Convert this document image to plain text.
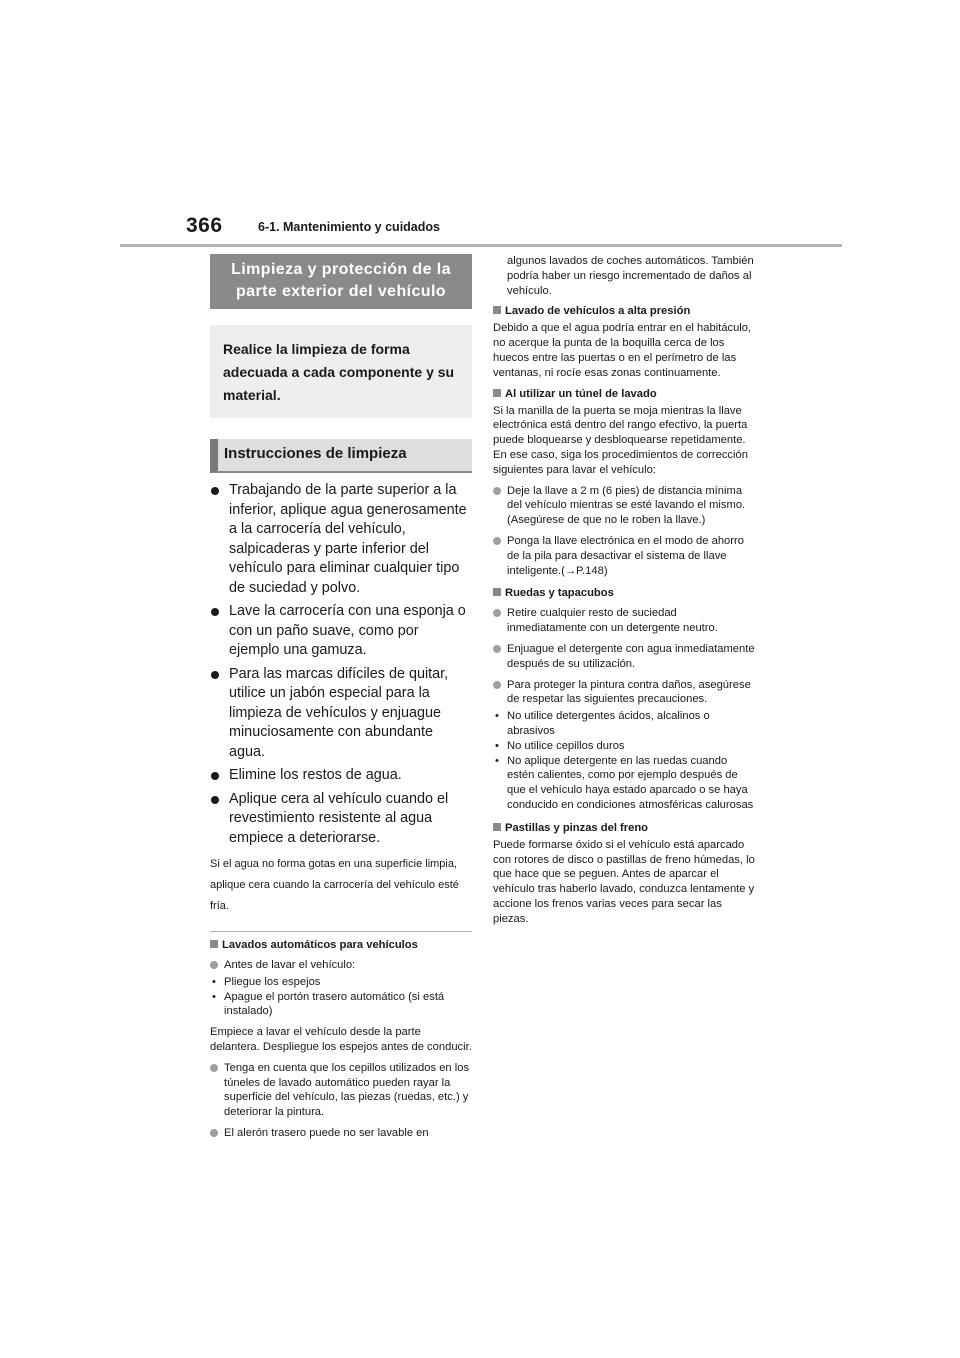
366	6-1. Mantenimiento y cuidados
Limpieza y protección de la parte exterior del vehículo
Realice la limpieza de forma adecuada a cada componente y su material.
Instrucciones de limpieza
Trabajando de la parte superior a la inferior, aplique agua generosamente a la carrocería del vehículo, salpicaderas y parte inferior del vehículo para eliminar cualquier tipo de suciedad y polvo.
Lave la carrocería con una esponja o con un paño suave, como por ejemplo una gamuza.
Para las marcas difíciles de quitar, utilice un jabón especial para la limpieza de vehículos y enjuague minuciosamente con abundante agua.
Elimine los restos de agua.
Aplique cera al vehículo cuando el revestimiento resistente al agua empiece a deteriorarse.
Si el agua no forma gotas en una superficie limpia, aplique cera cuando la carrocería del vehículo esté fría.
Lavados automáticos para vehículos
Antes de lavar el vehículo:
• Pliegue los espejos
• Apague el portón trasero automático (si está instalado)
Empiece a lavar el vehículo desde la parte delantera. Despliegue los espejos antes de conducir.
Tenga en cuenta que los cepillos utilizados en los túneles de lavado automático pueden rayar la superficie del vehículo, las piezas (ruedas, etc.) y deteriorar la pintura.
El alerón trasero puede no ser lavable en
algunos lavados de coches automáticos. También podría haber un riesgo incrementado de daños al vehículo.
Lavado de vehículos a alta presión
Debido a que el agua podría entrar en el habitáculo, no acerque la punta de la boquilla cerca de los huecos entre las puertas o en el perímetro de las ventanas, ni rocíe esas zonas continuamente.
Al utilizar un túnel de lavado
Si la manilla de la puerta se moja mientras la llave electrónica está dentro del rango efectivo, la puerta puede bloquearse y desbloquearse repetidamente. En ese caso, siga los procedimientos de corrección siguientes para lavar el vehículo:
Deje la llave a 2 m (6 pies) de distancia mínima del vehículo mientras se esté lavando el mismo. (Asegúrese de que no le roben la llave.)
Ponga la llave electrónica en el modo de ahorro de la pila para desactivar el sistema de llave inteligente.(→P.148)
Ruedas y tapacubos
Retire cualquier resto de suciedad inmediatamente con un detergente neutro.
Enjuague el detergente con agua inmediatamente después de su utilización.
Para proteger la pintura contra daños, asegúrese de respetar las siguientes precauciones.
• No utilice detergentes ácidos, alcalinos o abrasivos
• No utilice cepillos duros
• No aplique detergente en las ruedas cuando estén calientes, como por ejemplo después de que el vehículo haya estado aparcado o se haya conducido en condiciones atmosféricas calurosas
Pastillas y pinzas del freno
Puede formarse óxido si el vehículo está aparcado con rotores de disco o pastillas de freno húmedas, lo que hace que se peguen. Antes de aparcar el vehículo tras haberlo lavado, conduzca lentamente y accione los frenos varias veces para secar las piezas.
